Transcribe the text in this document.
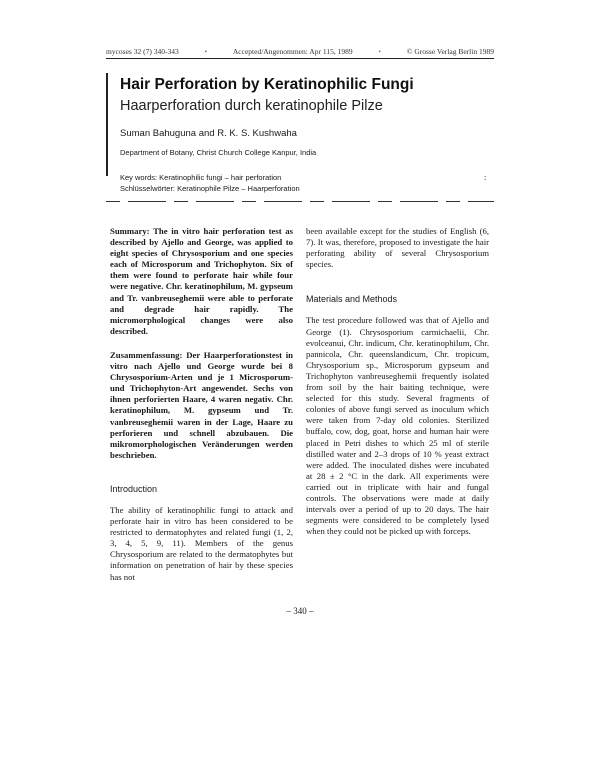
mycoses 32 (7) 340-343	•	Accepted/Angenommen: Apr 115, 1989	•	© Grosse Verlag Berlin 1989
Hair Perforation by Keratinophilic Fungi
Haarperforation durch keratinophile Pilze
Suman Bahuguna and R. K. S. Kushwaha
Department of Botany, Christ Church College Kanpur, India
Key words: Keratinophilic fungi – hair perforation
Schlüsselwörter: Keratinophile Pilze – Haarperforation
:

Summary: The in vitro hair perforation test as described by Ajello and George, was applied to eight species of Chrysosporium and one species each of Microsporum and Trichophyton. Six of them were found to perforate hair while four were negative. Chr. keratinophilum, M. gypseum and Tr. vanbreuseghemii were able to perforate and degrade hair rapidly. The micromorphological changes were also described.

Zusammenfassung: Der Haarperforationstest in vitro nach Ajello und George wurde bei 8 Chrysosporium-Arten und je 1 Microsporum- und Trichophyton-Art angewendet. Sechs von ihnen perforierten Haare, 4 waren negativ. Chr. keratinophilum, M. gypseum und Tr. vanbreuseghemii waren in der Lage, Haare zu perforieren und schnell abzubauen. Die mikromorphologischen Veränderungen werden beschrieben.

Introduction

The ability of keratinophilic fungi to attack and perforate hair in vitro has been considered to be restricted to dermatophytes and related fungi (1, 2, 3, 4, 5, 9, 11). Members of the genus Chrysosporium are related to the dermatophytes but information on penetration of hair by these species has not

been available except for the studies of English (6, 7). It was, therefore, proposed to investigate the hair perforating ability of several Chrysosporium species.

Materials and Methods

The test procedure followed was that of Ajello and George (1). Chrysosporium carmichaelii, Chr. evolceanui, Chr. indicum, Chr. keratinophilum, Chr. pannicola, Chr. queenslandicum, Chr. tropicum, Chrysosporium sp., Microsporum gypseum and Trichophyton vanbreuseghemii frequently isolated from soil by the hair baiting technique, were selected for this study. Several fragments of colonies of above fungi served as inoculum which were taken from 7-day old colonies. Sterilized buffalo, cow, dog, goat, horse and human hair were placed in Petri dishes to which 25 ml of sterile distilled water and 2–3 drops of 10 % yeast extract were added. The inoculated dishes were incubated at 28 ± 2 °C in the dark. All experiments were carried out in triplicate with hair and fungal controls. The observations were made at daily intervals over a period of up to 20 days. The hair segments were considered to be completely lysed when they could not be picked up with forceps.

– 340 –
